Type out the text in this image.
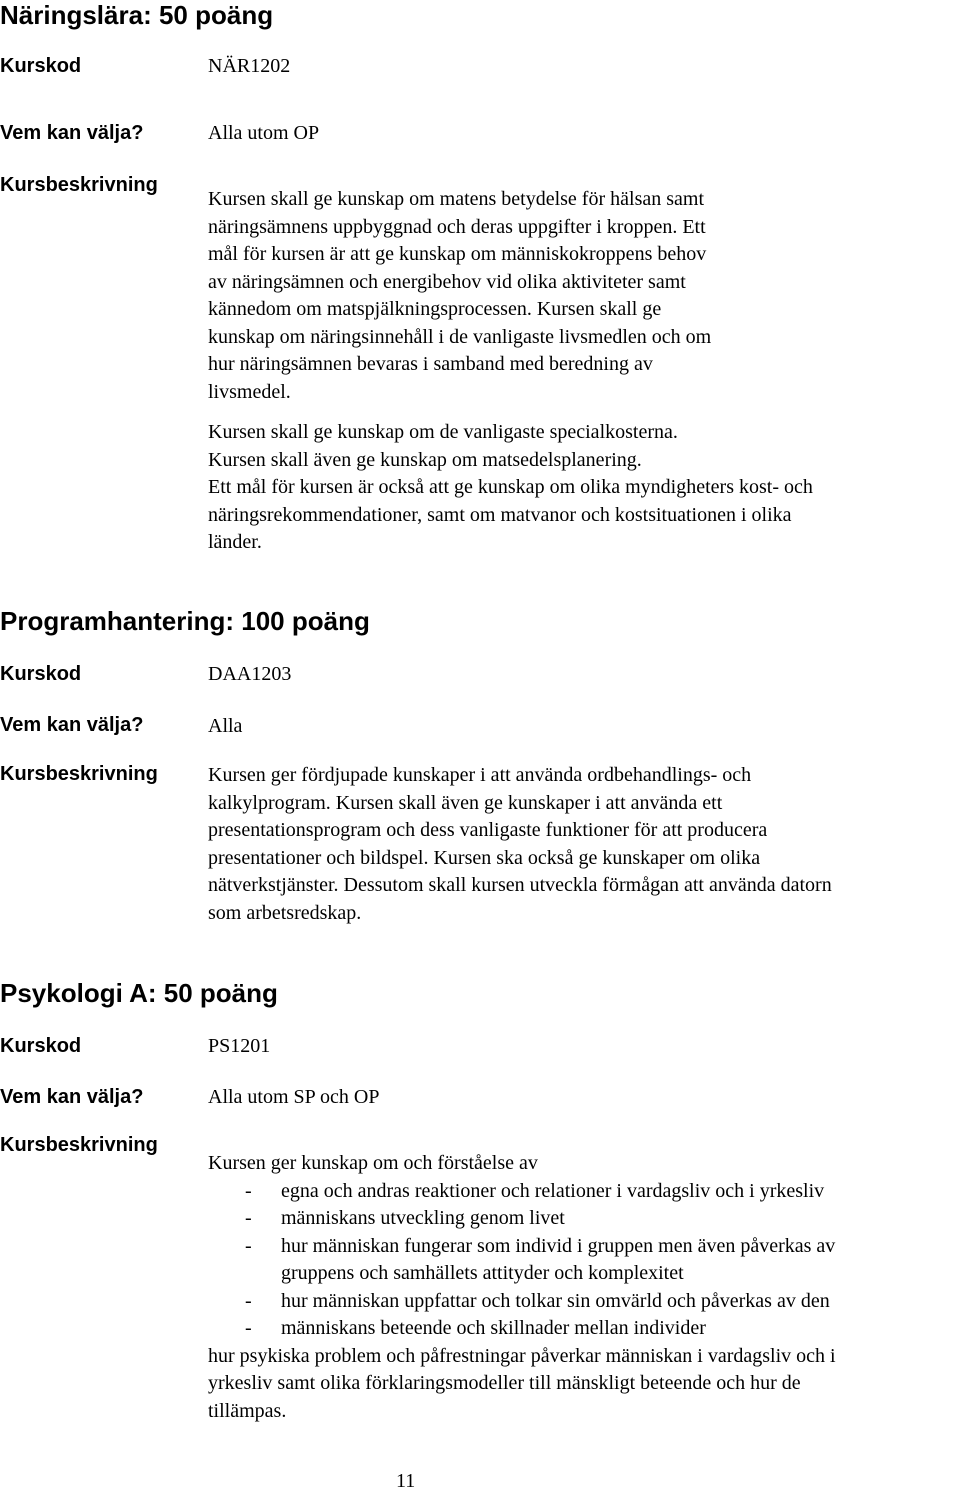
Näringslära: 50 poäng
Kurskod	NÄR1202
Vem kan välja?	Alla utom OP
Kursbeskrivning
Kursen skall ge kunskap om matens betydelse för hälsan samt
näringsämnens uppbyggnad och deras uppgifter i kroppen. Ett
mål för kursen är att ge kunskap om människokroppens behov
av näringsämnen och energibehov vid olika aktiviteter samt
kännedom om matspjälkningsprocessen. Kursen skall ge
kunskap om näringsinnehåll i de vanligaste livsmedlen och om
hur näringsämnen bevaras i samband med beredning av
livsmedel.
Kursen skall ge kunskap om de vanligaste specialkosterna.
Kursen skall även ge kunskap om matsedelsplanering.
Ett mål för kursen är också att ge kunskap om olika myndigheters kost- och
näringsrekommendationer, samt om matvanor och kostsituationen i olika
länder.
Programhantering: 100 poäng
Kurskod	DAA1203
Vem kan välja?	Alla
Kursbeskrivning	Kursen ger fördjupade kunskaper i att använda ordbehandlings- och
kalkylprogram. Kursen skall även ge kunskaper i att använda ett
presentationsprogram och dess vanligaste funktioner för att producera
presentationer och bildspel. Kursen ska också ge kunskaper om olika
nätverkstjänster. Dessutom skall kursen utveckla förmågan att använda datorn
som arbetsredskap.
Psykologi A: 50 poäng
Kurskod	PS1201
Vem kan välja?	Alla utom SP och OP
Kursbeskrivning
Kursen ger kunskap om och förståelse av
- egna och andras reaktioner och relationer i vardagsliv och i yrkesliv
- människans utveckling genom livet
- hur människan fungerar som individ i gruppen men även påverkas av
gruppens och samhällets attityder och komplexitet
- hur människan uppfattar och tolkar sin omvärld och påverkas av den
- människans beteende och skillnader mellan individer
hur psykiska problem och påfrestningar påverkar människan i vardagsliv och i
yrkesliv samt olika förklaringsmodeller till mänskligt beteende och hur de
tillämpas.
11
